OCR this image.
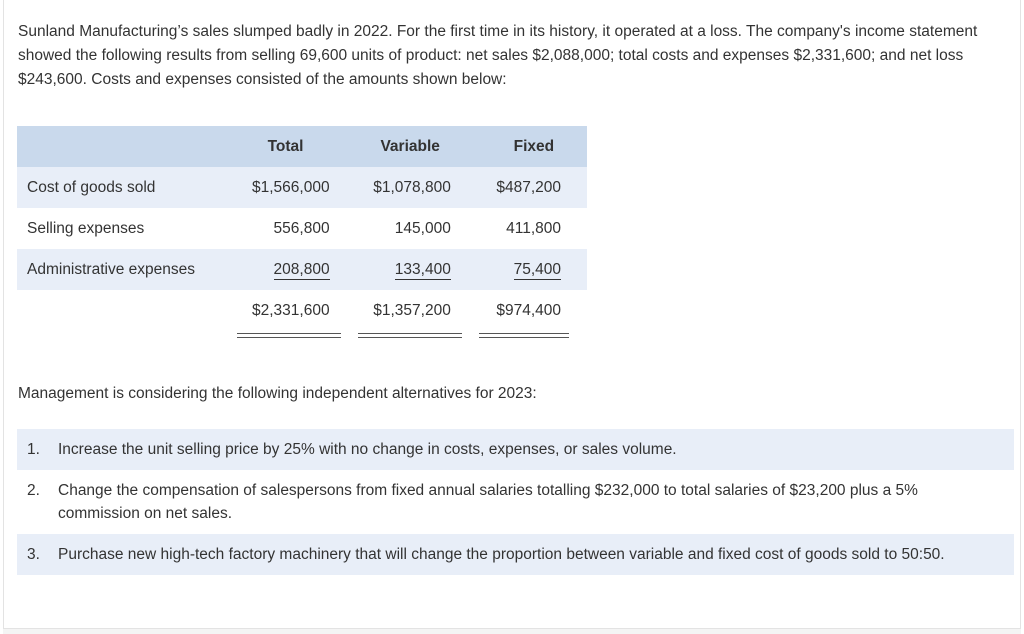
Sunland Manufacturing’s sales slumped badly in 2022. For the first time in its history, it operated at a loss. The company's income statement showed the following results from selling 69,600 units of product: net sales $2,088,000; total costs and expenses $2,331,600; and net loss $243,600. Costs and expenses consisted of the amounts shown below:

	Total	Variable	Fixed
Cost of goods sold	$1,566,000	$1,078,800	$487,200
Selling expenses	556,800	145,000	411,800
Administrative expenses	208,800	133,400	75,400
	$2,331,600	$1,357,200	$974,400

Management is considering the following independent alternatives for 2023:

1. Increase the unit selling price by 25% with no change in costs, expenses, or sales volume.
2. Change the compensation of salespersons from fixed annual salaries totalling $232,000 to total salaries of $23,200 plus a 5% commission on net sales.
3. Purchase new high-tech factory machinery that will change the proportion between variable and fixed cost of goods sold to 50:50.
